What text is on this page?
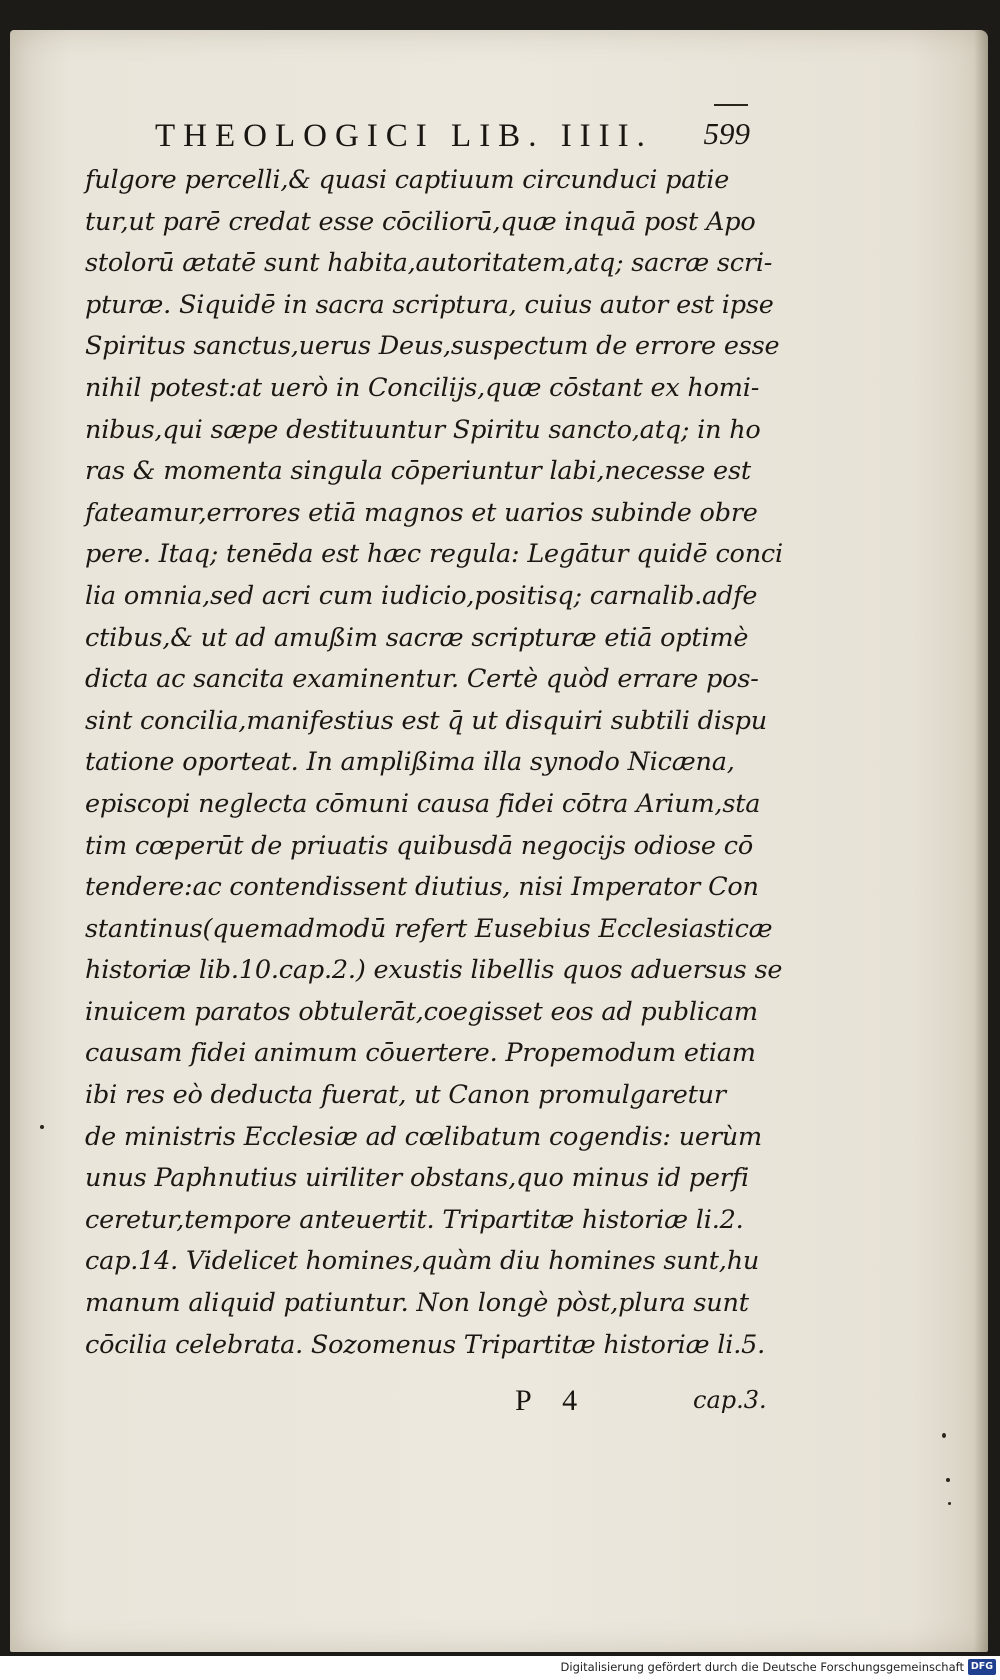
THEOLOGICI LIB. IIII. 599
fulgore percelli,& quasi captiuum circunduci patie
tur,ut parē credat esse cōciliorū,quæ inquā post Apo
stolorū ætatē sunt habita,autoritatem,atq; sacræ scri-
pturæ. Siquidē in sacra scriptura, cuius autor est ipse
Spiritus sanctus,uerus Deus,suspectum de errore esse
nihil potest:at uerò in Concilijs,quæ cōstant ex homi-
nibus,qui sæpe destituuntur Spiritu sancto,atq; in ho
ras & momenta singula cōperiuntur labi,necesse est
fateamur,errores etiā magnos et uarios subinde obre
pere. Itaq; tenēda est hæc regula: Legātur quidē conci
lia omnia,sed acri cum iudicio,positisq; carnalib.adfe
ctibus,& ut ad amußim sacræ scripturæ etiā optimè
dicta ac sancita examinentur. Certè quòd errare pos-
sint concilia,manifestius est q̄ ut disquiri subtili dispu
tatione oporteat. In amplißima illa synodo Nicæna,
episcopi neglecta cōmuni causa fidei cōtra Arium,sta
tim cœperūt de priuatis quibusdā negocijs odiose cō
tendere:ac contendissent diutius, nisi Imperator Con
stantinus(quemadmodū refert Eusebius Ecclesiasticæ
historiæ lib.10.cap.2.) exustis libellis quos aduersus se
inuicem paratos obtulerāt,coegisset eos ad publicam
causam fidei animum cōuertere. Propemodum etiam
ibi res eò deducta fuerat, ut Canon promulgaretur
de ministris Ecclesiæ ad cœlibatum cogendis: uerùm
unus Paphnutius uiriliter obstans,quo minus id perfi
ceretur,tempore anteuertit. Tripartitæ historiæ li.2.
cap.14. Videlicet homines,quàm diu homines sunt,hu
manum aliquid patiuntur. Non longè pòst,plura sunt
cōcilia celebrata. Sozomenus Tripartitæ historiæ li.5.
P 4	cap.3.
Digitalisierung gefördert durch die Deutsche Forschungsgemeinschaft DFG
